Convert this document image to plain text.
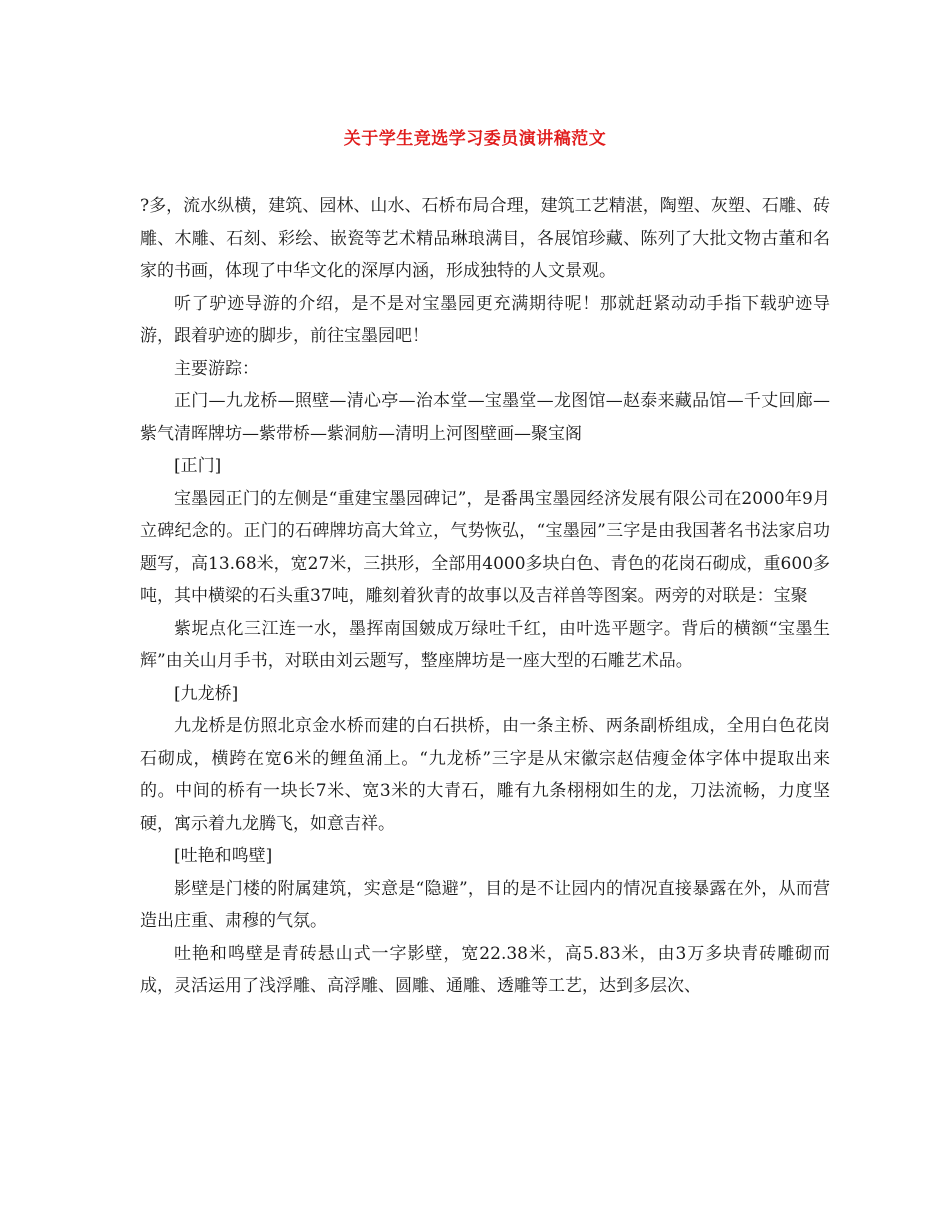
关于学生竞选学习委员演讲稿范文

?多，流水纵横，建筑、园林、山水、石桥布局合理，建筑工艺精湛，陶塑、灰塑、石雕、砖雕、木雕、石刻、彩绘、嵌瓷等艺术精品琳琅满目，各展馆珍藏、陈列了大批文物古董和名家的书画，体现了中华文化的深厚内涵，形成独特的人文景观。

听了驴迹导游的介绍，是不是对宝墨园更充满期待呢！那就赶紧动动手指下载驴迹导游，跟着驴迹的脚步，前往宝墨园吧！

主要游踪：

正门—九龙桥—照壁—清心亭—治本堂—宝墨堂—龙图馆—赵泰来藏品馆—千丈回廊—紫气清晖牌坊—紫带桥—紫洞舫—清明上河图壁画—聚宝阁

[正门]

宝墨园正门的左侧是“重建宝墨园碑记”，是番禺宝墨园经济发展有限公司在2000年9月立碑纪念的。正门的石碑牌坊高大耸立，气势恢弘，“宝墨园”三字是由我国著名书法家启功题写，高13.68米，宽27米，三拱形，全部用4000多块白色、青色的花岗石砌成，重600多吨，其中横梁的石头重37吨，雕刻着狄青的故事以及吉祥兽等图案。两旁的对联是：宝聚

紫坭点化三江连一水，墨挥南国皴成万绿吐千红，由叶选平题字。背后的横额“宝墨生辉”由关山月手书，对联由刘云题写，整座牌坊是一座大型的石雕艺术品。

[九龙桥]

九龙桥是仿照北京金水桥而建的白石拱桥，由一条主桥、两条副桥组成，全用白色花岗石砌成，横跨在宽6米的鲤鱼涌上。“九龙桥”三字是从宋徽宗赵佶瘦金体字体中提取出来的。中间的桥有一块长7米、宽3米的大青石，雕有九条栩栩如生的龙，刀法流畅，力度坚硬，寓示着九龙腾飞，如意吉祥。

[吐艳和鸣壁]

影壁是门楼的附属建筑，实意是“隐避”，目的是不让园内的情况直接暴露在外，从而营造出庄重、肃穆的气氛。

吐艳和鸣壁是青砖悬山式一字影壁，宽22.38米，高5.83米，由3万多块青砖雕砌而成，灵活运用了浅浮雕、高浮雕、圆雕、通雕、透雕等工艺，达到多层次、
